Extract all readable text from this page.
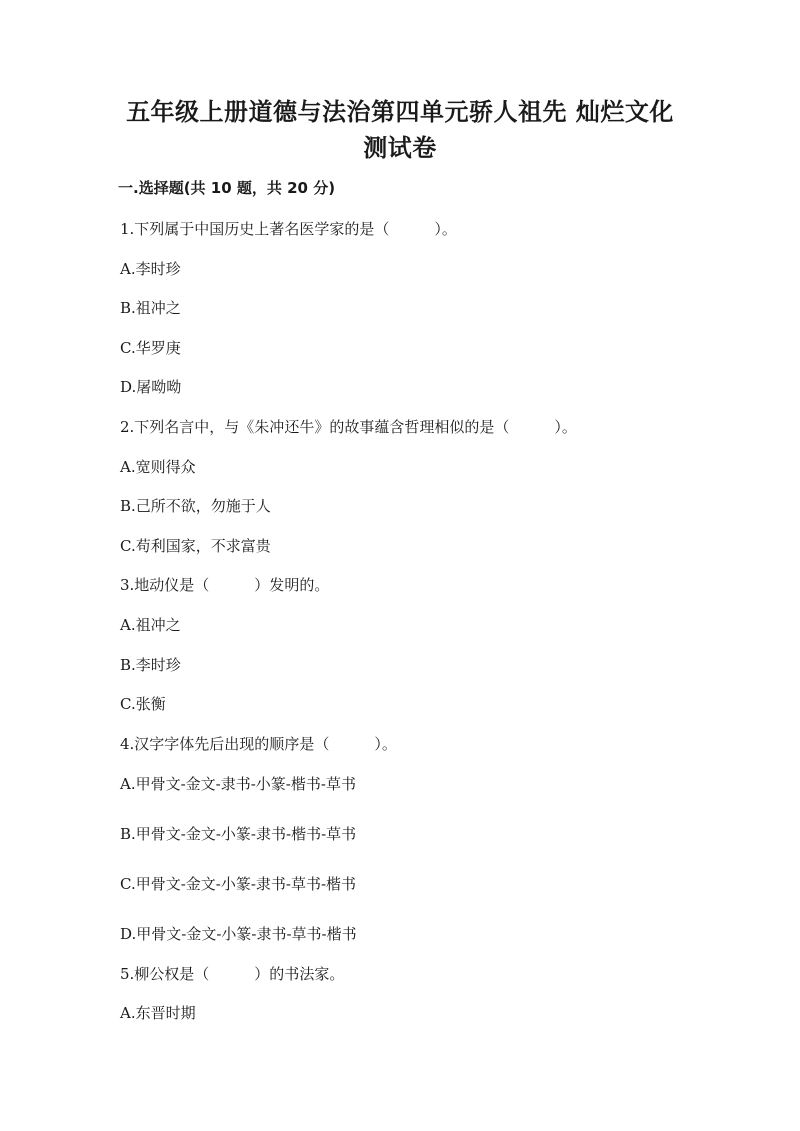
五年级上册道德与法治第四单元骄人祖先 灿烂文化
测试卷
一.选择题(共 10 题，共 20 分)
1.下列属于中国历史上著名医学家的是（　　　）。
A.李时珍
B.祖冲之
C.华罗庚
D.屠呦呦
2.下列名言中，与《朱冲还牛》的故事蕴含哲理相似的是（　　　）。
A.宽则得众
B.己所不欲，勿施于人
C.苟利国家，不求富贵
3.地动仪是（　　　）发明的。
A.祖冲之
B.李时珍
C.张衡
4.汉字字体先后出现的顺序是（　　　）。
A.甲骨文-金文-隶书-小篆-楷书-草书
B.甲骨文-金文-小篆-隶书-楷书-草书
C.甲骨文-金文-小篆-隶书-草书-楷书
D.甲骨文-金文-小篆-隶书-草书-楷书
5.柳公权是（　　　）的书法家。
A.东晋时期
